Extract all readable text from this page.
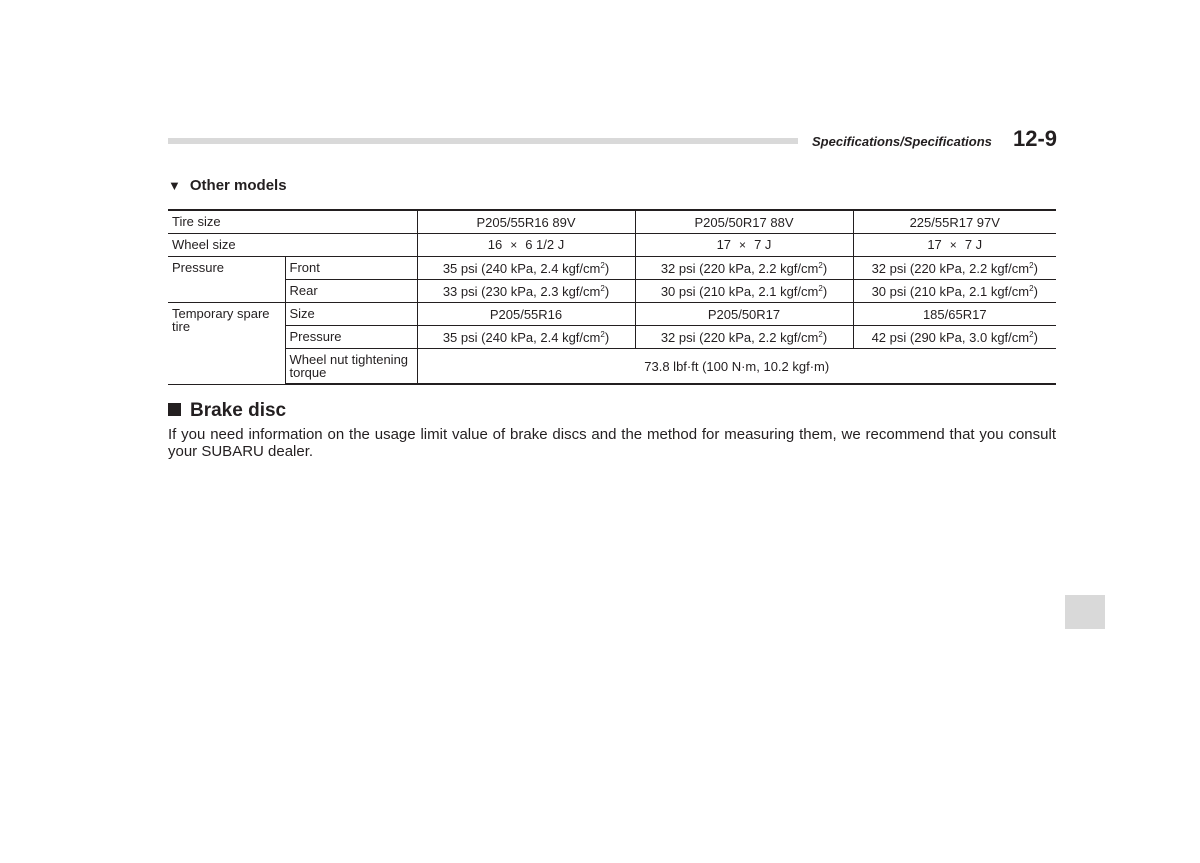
Specifications/Specifications 12-9
▼ Other models
Tire size		P205/55R16 89V	P205/50R17 88V	225/55R17 97V
Wheel size		16 × 6 1/2 J	17 × 7 J	17 × 7 J
Pressure	Front	35 psi (240 kPa, 2.4 kgf/$cm^2$)	32 psi (220 kPa, 2.2 kgf/$cm^2$)	32 psi (220 kPa, 2.2 kgf/$cm^2$)
	Rear	33 psi (230 kPa, 2.3 kgf/$cm^2$)	30 psi (210 kPa, 2.1 kgf/$cm^2$)	30 psi (210 kPa, 2.1 kgf/$cm^2$)
Temporary spare tire	Size	P205/55R16	P205/50R17	185/65R17
	Pressure	35 psi (240 kPa, 2.4 kgf/$cm^2$)	32 psi (220 kPa, 2.2 kgf/$cm^2$)	42 psi (290 kPa, 3.0 kgf/$cm^2$)
	Wheel nut tightening torque	73.8 lbf·ft (100 N·m, 10.2 kgf·m)		
Brake disc
If you need information on the usage limit value of brake discs and the method for measuring them, we recommend that you consult your SUBARU dealer.
